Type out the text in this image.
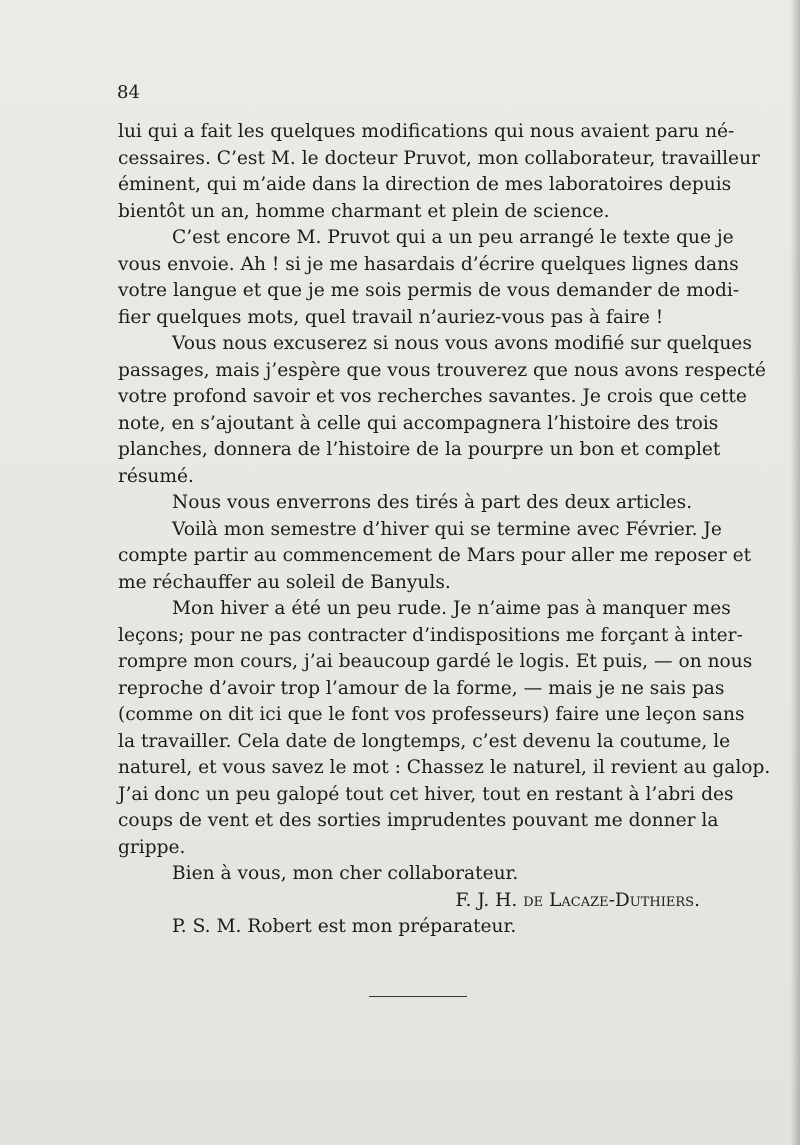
84
lui qui a fait les quelques modifications qui nous avaient paru né-
cessaires. C’est M. le docteur Pruvot, mon collaborateur, travailleur
éminent, qui m’aide dans la direction de mes laboratoires depuis
bientôt un an, homme charmant et plein de science.
C’est encore M. Pruvot qui a un peu arrangé le texte que je
vous envoie. Ah ! si je me hasardais d’écrire quelques lignes dans
votre langue et que je me sois permis de vous demander de modi-
fier quelques mots, quel travail n’auriez-vous pas à faire !
Vous nous excuserez si nous vous avons modifié sur quelques
passages, mais j’espère que vous trouverez que nous avons respecté
votre profond savoir et vos recherches savantes. Je crois que cette
note, en s’ajoutant à celle qui accompagnera l’histoire des trois
planches, donnera de l’histoire de la pourpre un bon et complet
résumé.
Nous vous enverrons des tirés à part des deux articles.
Voilà mon semestre d’hiver qui se termine avec Février. Je
compte partir au commencement de Mars pour aller me reposer et
me réchauffer au soleil de Banyuls.
Mon hiver a été un peu rude. Je n’aime pas à manquer mes
leçons; pour ne pas contracter d’indispositions me forçant à inter-
rompre mon cours, j’ai beaucoup gardé le logis. Et puis, — on nous
reproche d’avoir trop l’amour de la forme, — mais je ne sais pas
(comme on dit ici que le font vos professeurs) faire une leçon sans
la travailler. Cela date de longtemps, c’est devenu la coutume, le
naturel, et vous savez le mot : Chassez le naturel, il revient au galop.
J’ai donc un peu galopé tout cet hiver, tout en restant à l’abri des
coups de vent et des sorties imprudentes pouvant me donner la
grippe.
Bien à vous, mon cher collaborateur.
F. J. H. de Lacaze-Duthiers.
P. S. M. Robert est mon préparateur.
